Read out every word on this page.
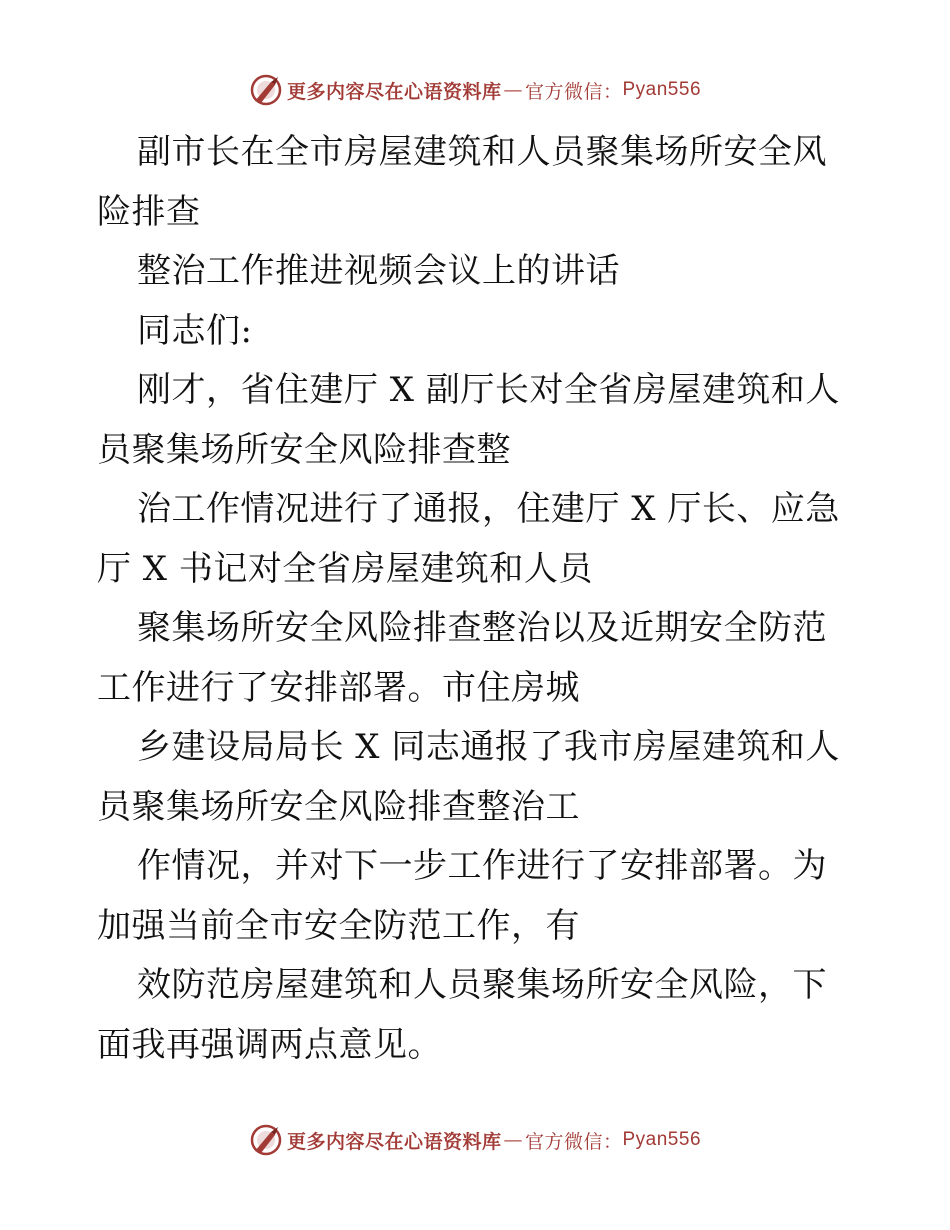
更多内容尽在心语资料库 — 官方微信： Pyan556

副市长在全市房屋建筑和人员聚集场所安全风险排查

整治工作推进视频会议上的讲话

同志们:

刚才，省住建厅 X 副厅长对全省房屋建筑和人员聚集场所安全风险排查整

治工作情况进行了通报，住建厅 X 厅长、应急厅 X 书记对全省房屋建筑和人员

聚集场所安全风险排查整治以及近期安全防范工作进行了安排部署。市住房城

乡建设局局长 X 同志通报了我市房屋建筑和人员聚集场所安全风险排查整治工

作情况，并对下一步工作进行了安排部署。为加强当前全市安全防范工作，有

效防范房屋建筑和人员聚集场所安全风险，下面我再强调两点意见。

更多内容尽在心语资料库 — 官方微信： Pyan556
